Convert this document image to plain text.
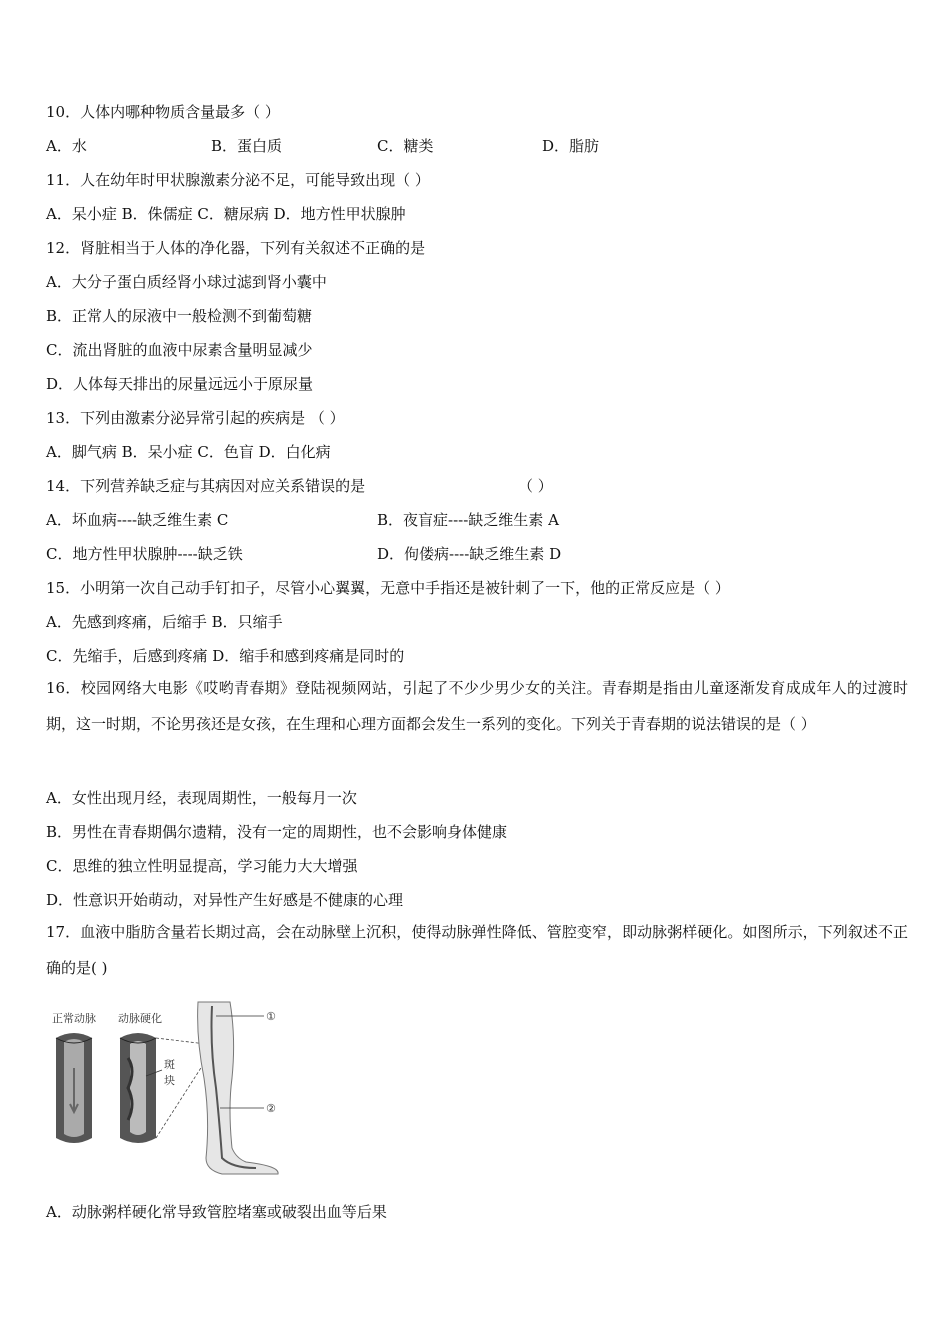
10．人体内哪种物质含量最多（ ）
A．水	B．蛋白质	C．糖类	D．脂肪
11．人在幼年时甲状腺激素分泌不足，可能导致出现（ ）
A．呆小症 B．侏儒症 C．糖尿病 D．地方性甲状腺肿
12．肾脏相当于人体的净化器，下列有关叙述不正确的是
A．大分子蛋白质经肾小球过滤到肾小囊中
B．正常人的尿液中一般检测不到葡萄糖
C．流出肾脏的血液中尿素含量明显减少
D．人体每天排出的尿量远远小于原尿量
13．下列由激素分泌异常引起的疾病是 （ ）
A．脚气病 B．呆小症 C．色盲 D．白化病
14．下列营养缺乏症与其病因对应关系错误的是	（ ）
A．坏血病----缺乏维生素 C	B．夜盲症----缺乏维生素 A
C．地方性甲状腺肿----缺乏铁	D．佝偻病----缺乏维生素 D
15．小明第一次自己动手钉扣子，尽管小心翼翼，无意中手指还是被针刺了一下，他的正常反应是（ ）
A．先感到疼痛，后缩手 B．只缩手
C．先缩手，后感到疼痛 D．缩手和感到疼痛是同时的
16．校园网络大电影《哎哟青春期》登陆视频网站，引起了不少少男少女的关注。青春期是指由儿童逐渐发育成成年人的过渡时期，这一时期，不论男孩还是女孩，在生理和心理方面都会发生一系列的变化。下列关于青春期的说法错误的是（ ）
A．女性出现月经，表现周期性，一般每月一次
B．男性在青春期偶尔遗精，没有一定的周期性，也不会影响身体健康
C．思维的独立性明显提高，学习能力大大增强
D．性意识开始萌动，对异性产生好感是不健康的心理
17．血液中脂肪含量若长期过高，会在动脉壁上沉积，使得动脉弹性降低、管腔变窄，即动脉粥样硬化。如图所示，下列叙述不正确的是( )
正常动脉 动脉硬化
斑
块
①
②
A．动脉粥样硬化常导致管腔堵塞或破裂出血等后果
